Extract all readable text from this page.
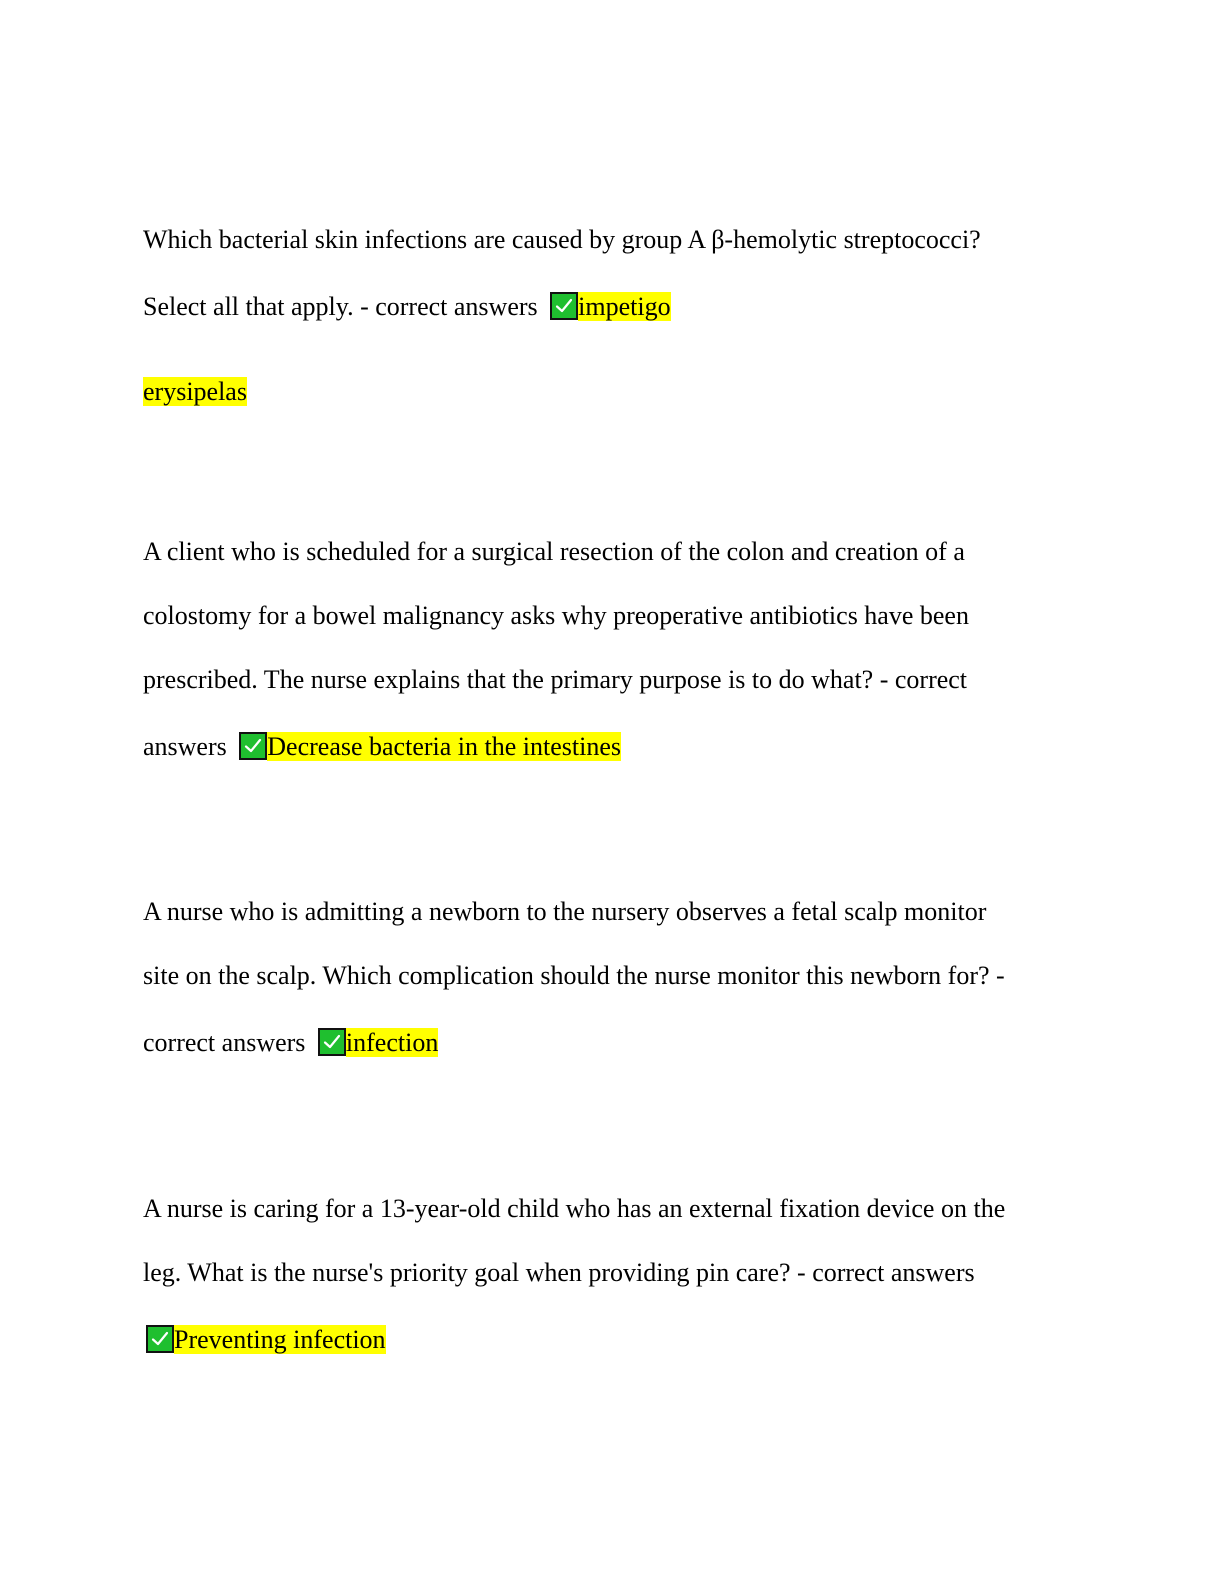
Which bacterial skin infections are caused by group A β-hemolytic streptococci?
Select all that apply. - correct answers impetigo
erysipelas
A client who is scheduled for a surgical resection of the colon and creation of a
colostomy for a bowel malignancy asks why preoperative antibiotics have been
prescribed. The nurse explains that the primary purpose is to do what? - correct
answers Decrease bacteria in the intestines
A nurse who is admitting a newborn to the nursery observes a fetal scalp monitor
site on the scalp. Which complication should the nurse monitor this newborn for? -
correct answers infection
A nurse is caring for a 13-year-old child who has an external fixation device on the
leg. What is the nurse's priority goal when providing pin care? - correct answers
Preventing infection
